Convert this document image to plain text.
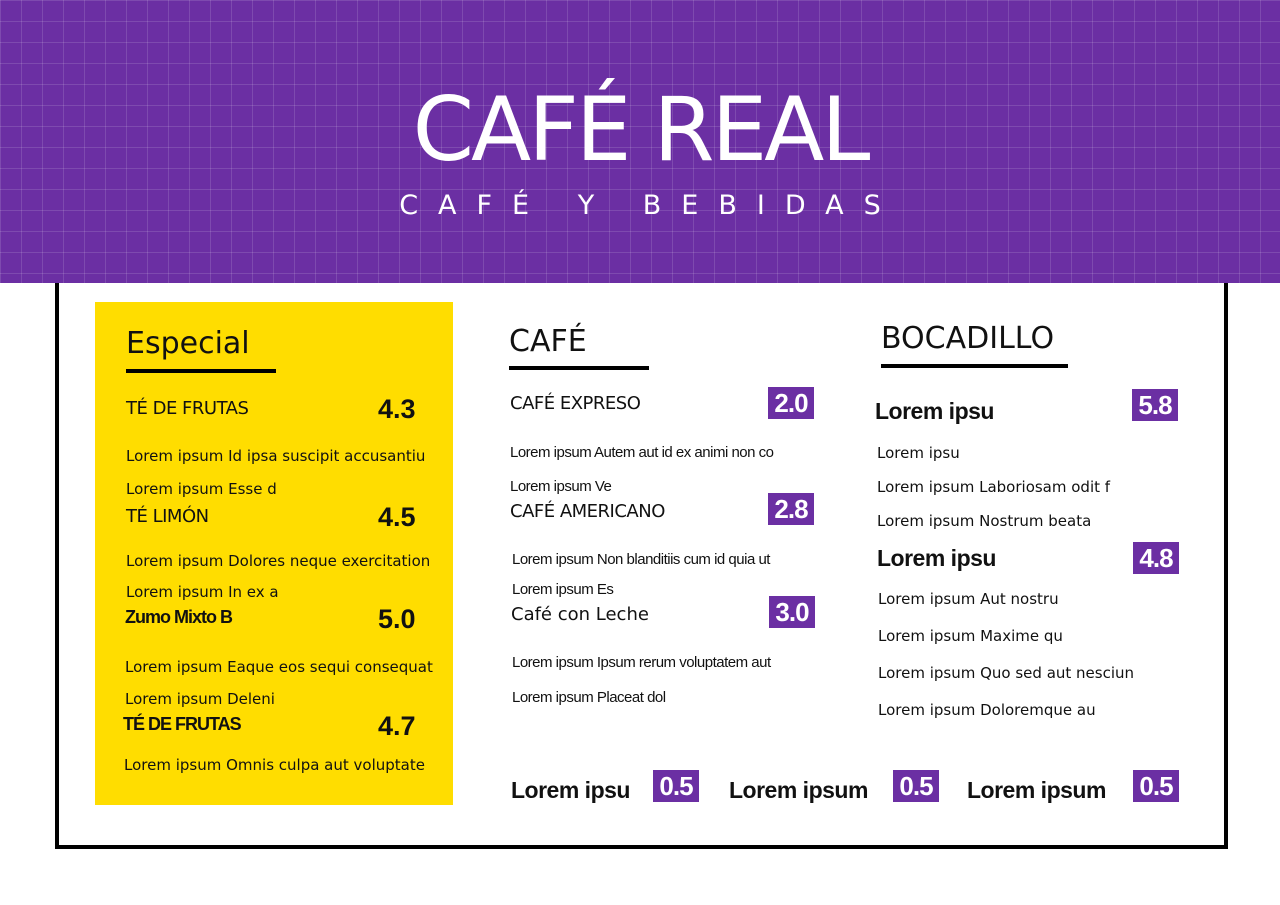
CAFÉ REAL
CAFÉ Y BEBIDAS
Especial
TÉ DE FRUTAS	4.3
Lorem ipsum Id ipsa suscipit accusantiu
Lorem ipsum Esse d
TÉ LIMÓN	4.5
Lorem ipsum Dolores neque exercitation
Lorem ipsum In ex a
Zumo Mixto B	5.0
Lorem ipsum Eaque eos sequi consequat
Lorem ipsum Deleni
TÉ DE FRUTAS	4.7
Lorem ipsum Omnis culpa aut voluptate
CAFÉ
CAFÉ EXPRESO	2.0
Lorem ipsum Autem aut id ex animi non co
Lorem ipsum Ve
CAFÉ AMERICANO	2.8
Lorem ipsum Non blanditiis cum id quia ut
Lorem ipsum Es
Café con Leche	3.0
Lorem ipsum Ipsum rerum voluptatem aut
Lorem ipsum Placeat dol
BOCADILLO
Lorem ipsu	5.8
Lorem ipsu
Lorem ipsum Laboriosam odit f
Lorem ipsum Nostrum beata
Lorem ipsu	4.8
Lorem ipsum Aut nostru
Lorem ipsum Maxime qu
Lorem ipsum Quo sed aut nesciun
Lorem ipsum Doloremque au
Lorem ipsu 0.5 Lorem ipsum 0.5 Lorem ipsum 0.5
